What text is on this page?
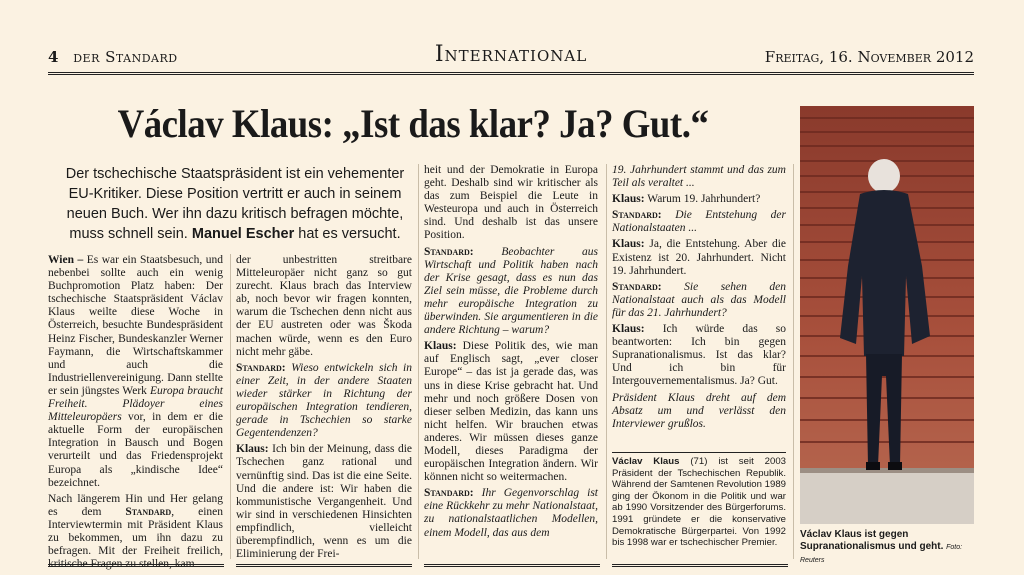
4 der Standard	International	Freitag, 16. November 2012
Václav Klaus: „Ist das klar? Ja? Gut.“
Der tschechische Staatspräsident ist ein vehementer EU-Kritiker. Diese Position vertritt er auch in seinem neuen Buch. Wer ihn dazu kritisch befragen möchte, muss schnell sein. Manuel Escher hat es versucht.

Wien – Es war ein Staatsbesuch, und nebenbei sollte auch ein wenig Buchpromotion Platz haben: Der tschechische Staatspräsident Václav Klaus weilte diese Woche in Österreich, besuchte Bundespräsident Heinz Fischer, Bundeskanzler Werner Faymann, die Wirtschaftskammer und auch die Industriellenvereinigung. Dann stellte er sein jüngstes Werk Europa braucht Freiheit. Plädoyer eines Mitteleuropäers vor, in dem er die aktuelle Form der europäischen Integration in Bausch und Bogen verurteilt und das Friedensprojekt Europa als „kindische Idee“ bezeichnet.

Nach längerem Hin und Her gelang es dem Standard, einen Interviewtermin mit Präsident Klaus zu bekommen, um ihn dazu zu befragen. Mit der Freiheit freilich, kritische Fragen zu stellen, kam

der unbestritten streitbare Mitteleuropäer nicht ganz so gut zurecht. Klaus brach das Interview ab, noch bevor wir fragen konnten, warum die Tschechen denn nicht aus der EU austreten oder was Škoda machen würde, wenn es den Euro nicht mehr gäbe.

Standard: Wieso entwickeln sich in einer Zeit, in der andere Staaten wieder stärker in Richtung der europäischen Integration tendieren, gerade in Tschechien so starke Gegentendenzen?

Klaus: Ich bin der Meinung, dass die Tschechen ganz rational und vernünftig sind. Das ist die eine Seite. Und die andere ist: Wir haben die kommunistische Vergangenheit. Und wir sind in verschiedenen Hinsichten empfindlich, vielleicht überempfindlich, wenn es um die Eliminierung der Frei-

heit und der Demokratie in Europa geht. Deshalb sind wir kritischer als das zum Beispiel die Leute in Westeuropa und auch in Österreich sind. Und deshalb ist das unsere Position.

Standard: Beobachter aus Wirtschaft und Politik haben nach der Krise gesagt, dass es nun das Ziel sein müsse, die Probleme durch mehr europäische Integration zu überwinden. Sie argumentieren in die andere Richtung – warum?

Klaus: Diese Politik des, wie man auf Englisch sagt, „ever closer Europe“ – das ist ja gerade das, was uns in diese Krise gebracht hat. Und mehr und noch größere Dosen von dieser selben Medizin, das kann uns nicht helfen. Wir brauchen etwas anderes. Wir müssen dieses ganze Modell, dieses Paradigma der europäischen Integration ändern. Wir können nicht so weitermachen.

Standard: Ihr Gegenvorschlag ist eine Rückkehr zu mehr Nationalstaat, zu nationalstaatlichen Modellen, einem Modell, das aus dem

19. Jahrhundert stammt und das zum Teil als veraltet ...

Klaus: Warum 19. Jahrhundert?

Standard: Die Entstehung der Nationalstaaten ...

Klaus: Ja, die Entstehung. Aber die Existenz ist 20. Jahrhundert. Nicht 19. Jahrhundert.

Standard: Sie sehen den Nationalstaat auch als das Modell für das 21. Jahrhundert?

Klaus: Ich würde das so beantworten: Ich bin gegen Supranationalismus. Ist das klar? Und ich bin für Intergouvernementalismus. Ja? Gut.

Präsident Klaus dreht auf dem Absatz um und verlässt den Interviewer grußlos.

Václav Klaus (71) ist seit 2003 Präsident der Tschechischen Republik. Während der Samtenen Revolution 1989 ging der Ökonom in die Politik und war ab 1990 Vorsitzender des Bürgerforums. 1991 gründete er die konservative Demokratische Bürgerpartei. Von 1992 bis 1998 war er tschechischer Premier.
Václav Klaus ist gegen Supranationalismus und geht. Foto: Reuters
